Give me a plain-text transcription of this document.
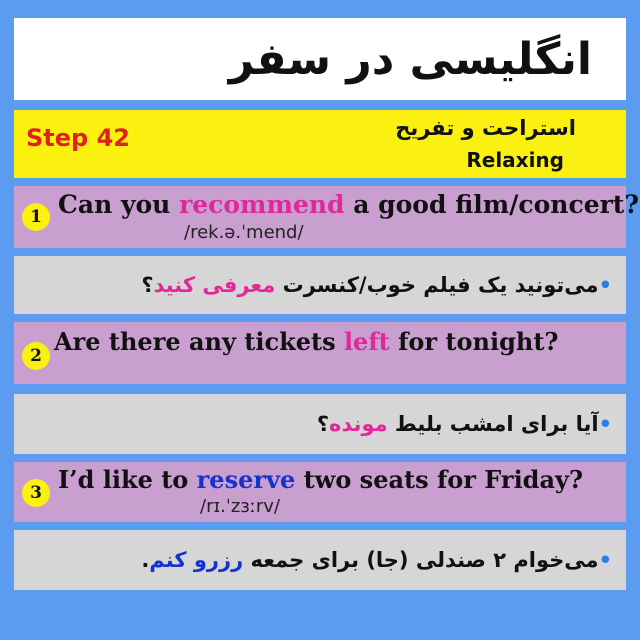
انگلیسی در سفر
Step 42	استراحت و تفریح
Relaxing
1 Can you recommend a good film/concert?
/rek.ə.ˈmend/
•می‌تونید یک فیلم خوب/کنسرت معرفی کنید؟
2 Are there any tickets left for tonight?
•آیا برای امشب بلیط مونده؟
3 I’d like to reserve two seats for Friday?
/rɪ.ˈzɜːrv/
•می‌خوام ۲ صندلی (جا) برای جمعه رزرو کنم.
